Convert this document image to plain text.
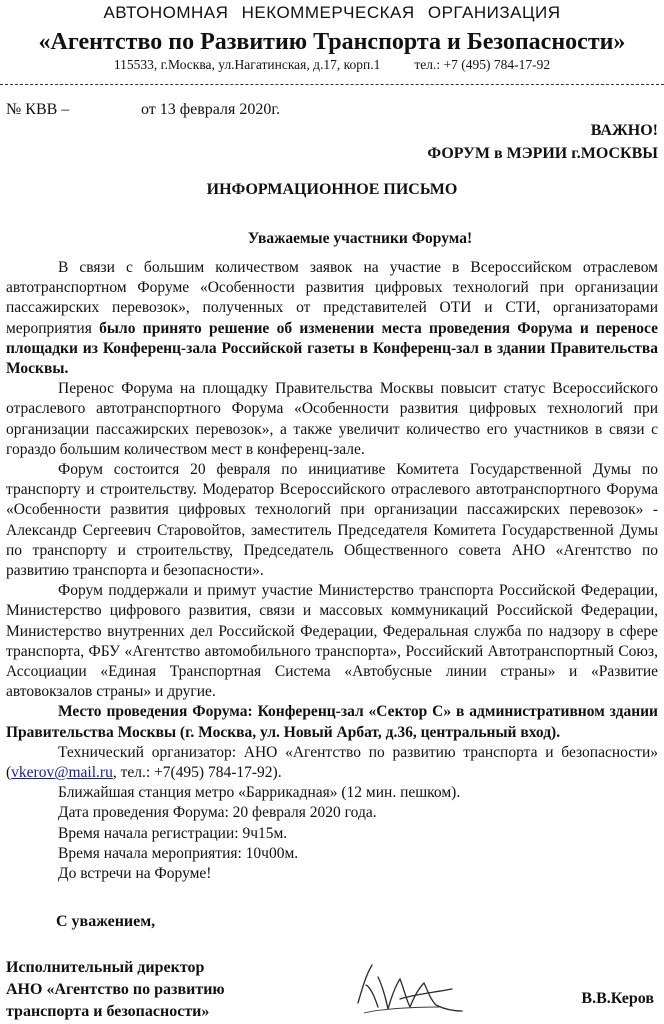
АВТОНОМНАЯ НЕКОММЕРЧЕСКАЯ ОРГАНИЗАЦИЯ
«Агентство по Развитию Транспорта и Безопасности»
115533, г.Москва, ул.Нагатинская, д.17, корп.1	тел.: +7 (495) 784-17-92
№ КВВ –	от 13 февраля 2020г.
ВАЖНО!
ФОРУМ в МЭРИИ г.МОСКВЫ
ИНФОРМАЦИОННОЕ ПИСЬМО
Уважаемые участники Форума!

В связи с большим количеством заявок на участие в Всероссийском отраслевом автотранспортном Форуме «Особенности развития цифровых технологий при организации пассажирских перевозок», полученных от представителей ОТИ и СТИ, организаторами мероприятия было принято решение об изменении места проведения Форума и переносе площадки из Конференц-зала Российской газеты в Конференц-зал в здании Правительства Москвы.

Перенос Форума на площадку Правительства Москвы повысит статус Всероссийского отраслевого автотранспортного Форума «Особенности развития цифровых технологий при организации пассажирских перевозок», а также увеличит количество его участников в связи с гораздо большим количеством мест в конференц-зале.

Форум состоится 20 февраля по инициативе Комитета Государственной Думы по транспорту и строительству. Модератор Всероссийского отраслевого автотранспортного Форума «Особенности развития цифровых технологий при организации пассажирских перевозок» - Александр Сергеевич Старовойтов, заместитель Председателя Комитета Государственной Думы по транспорту и строительству, Председатель Общественного совета АНО «Агентство по развитию транспорта и безопасности».

Форум поддержали и примут участие Министерство транспорта Российской Федерации, Министерство цифрового развития, связи и массовых коммуникаций Российской Федерации, Министерство внутренних дел Российской Федерации, Федеральная служба по надзору в сфере транспорта, ФБУ «Агентство автомобильного транспорта», Российский Автотранспортный Союз, Ассоциации «Единая Транспортная Система «Автобусные линии страны» и «Развитие автовокзалов страны» и другие.

Место проведения Форума: Конференц-зал «Сектор С» в административном здании Правительства Москвы (г. Москва, ул. Новый Арбат, д.36, центральный вход).

Технический организатор: АНО «Агентство по развитию транспорта и безопасности» (vkerov@mail.ru, тел.: +7(495) 784-17-92).

Ближайшая станция метро «Баррикадная» (12 мин. пешком).
Дата проведения Форума: 20 февраля 2020 года.
Время начала регистрации: 9ч15м.
Время начала мероприятия: 10ч00м.
До встречи на Форуме!
С уважением,
Исполнительный директор
АНО «Агентство по развитию
транспорта и безопасности»
В.В.Керов
